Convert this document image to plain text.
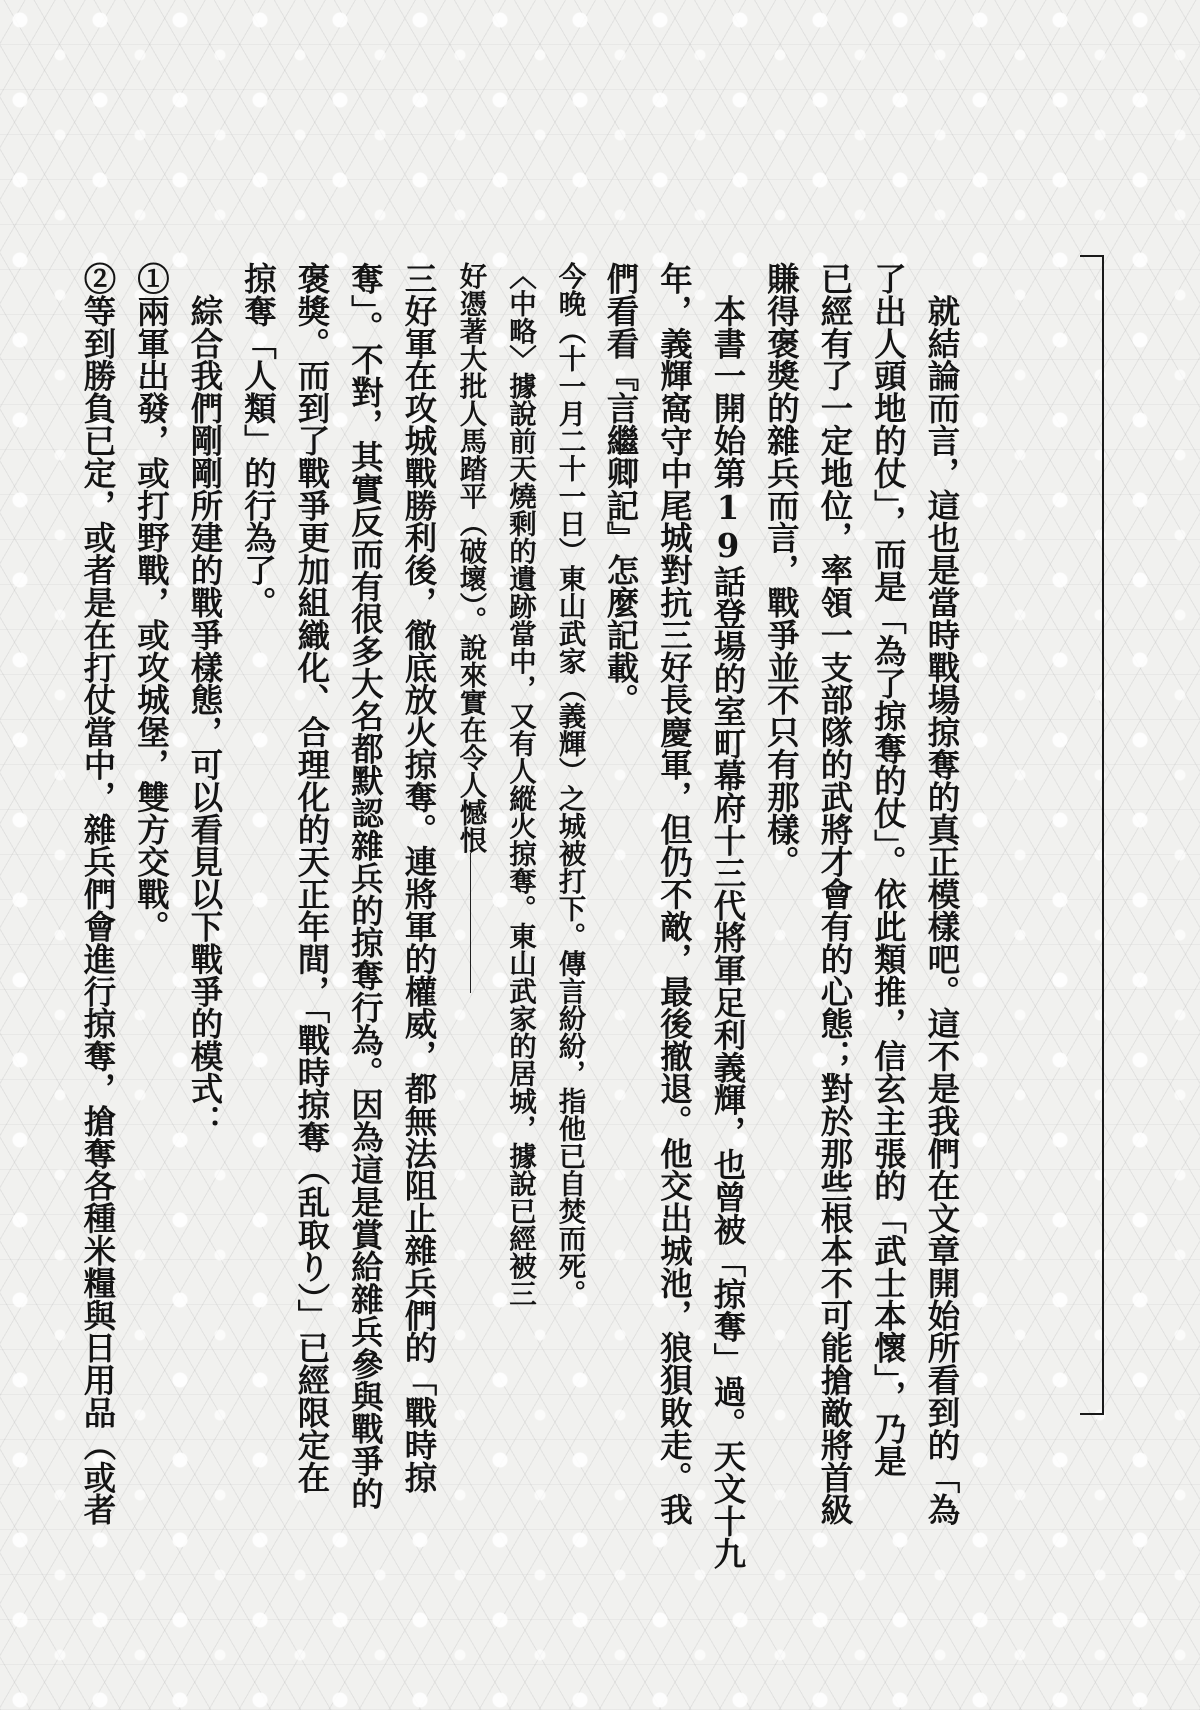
　就結論而言，這也是當時戰場掠奪的真正模樣吧。這不是我們在文章開始所看到的「為

了出人頭地的仗」，而是「為了掠奪的仗」。依此類推，信玄主張的「武士本懷」，乃是

已經有了一定地位，率領一支部隊的武將才會有的心態；對於那些根本不可能搶敵將首級

賺得褒獎的雜兵而言，戰爭並不只有那樣。

　本書一開始第19話登場的室町幕府十三代將軍足利義輝，也曾被「掠奪」過。天文十九

年，義輝窩守中尾城對抗三好長慶軍，但仍不敵，最後撤退。他交出城池，狼狽敗走。我

們看看『言繼卿記』怎麼記載。

今晚（十一月二十一日）東山武家（義輝）之城被打下。傳言紛紛，指他已自焚而死。

〈中略〉據說前天燒剩的遺跡當中，又有人縱火掠奪。東山武家的居城，據說已經被三

好憑著大批人馬踏平（破壞）。說來實在令人憾恨

三好軍在攻城戰勝利後，徹底放火掠奪。連將軍的權威，都無法阻止雜兵們的「戰時掠

奪」。不對，其實反而有很多大名都默認雜兵的掠奪行為。因為這是賞給雜兵參與戰爭的

褒獎。而到了戰爭更加組織化、合理化的天正年間，「戰時掠奪（乱取り）」已經限定在

掠奪「人類」的行為了。

　綜合我們剛剛所建的戰爭樣態，可以看見以下戰爭的模式：

①兩軍出發，或打野戰，或攻城堡，雙方交戰。

②等到勝負已定，或者是在打仗當中，雜兵們會進行掠奪，搶奪各種米糧與日用品（或者
